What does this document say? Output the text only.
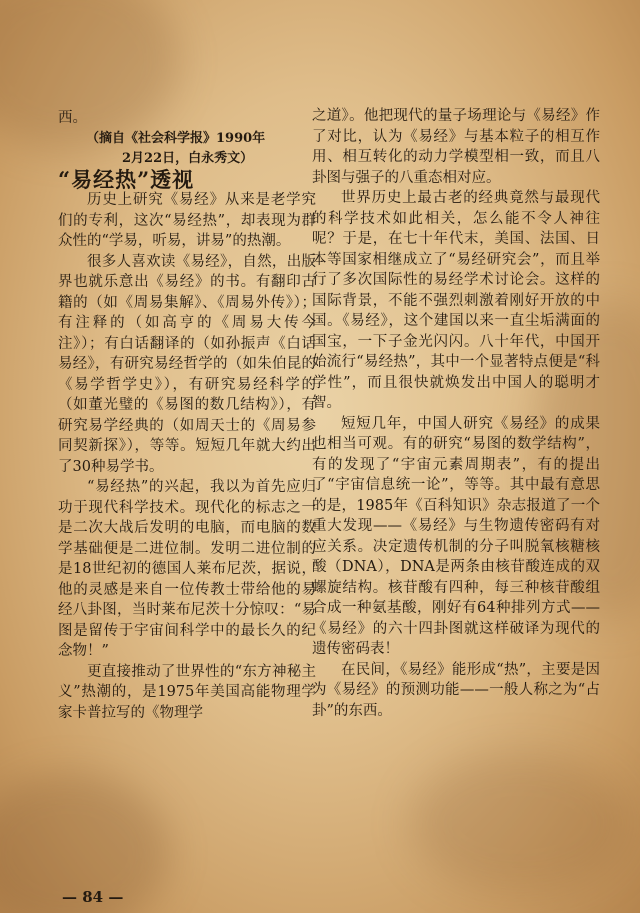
西。

（摘自《社会科学报》1990年

2月22日，白永秀文）

“易经热”透视

历史上研究《易经》从来是老学究们的专利，这次“易经热”，却表现为群众性的“学易，听易，讲易”的热潮。

很多人喜欢读《易经》，自然，出版界也就乐意出《易经》的书。有翻印古籍的（如《周易集解》、《周易外传》）；有注释的（如高亨的《周易大传今注》）；有白话翻译的（如孙振声《白话易经》，有研究易经哲学的（如朱伯昆的《易学哲学史》），有研究易经科学的（如董光璧的《易图的数几结构》），有研究易学经典的（如周天士的《周易参同契新探》），等等。短短几年就大约出了30种易学书。

“易经热”的兴起，我以为首先应归功于现代科学技术。现代化的标志之一是二次大战后发明的电脑，而电脑的数学基础便是二进位制。发明二进位制的是18世纪初的德国人莱布尼茨，据说，他的灵感是来自一位传教士带给他的易经八卦图，当时莱布尼茨十分惊叹：“易图是留传于宇宙间科学中的最长久的纪念物！”

更直接推动了世界性的“东方神秘主义”热潮的，是1975年美国高能物理学家卡普拉写的《物理学

之道》。他把现代的量子场理论与《易经》作了对比，认为《易经》与基本粒子的相互作用、相互转化的动力学模型相一致，而且八卦图与强子的八重态相对应。

世界历史上最古老的经典竟然与最现代的科学技术如此相关，怎么能不令人神往呢？于是，在七十年代末，美国、法国、日本等国家相继成立了“易经研究会”，而且举行了多次国际性的易经学术讨论会。这样的国际背景，不能不强烈刺激着刚好开放的中国。《易经》，这个建国以来一直尘垢满面的国宝，一下子金光闪闪。八十年代，中国开始流行“易经热”，其中一个显著特点便是“科学性”，而且很快就焕发出中国人的聪明才智。

短短几年，中国人研究《易经》的成果也相当可观。有的研究“易图的数学结构”，有的发现了“宇宙元素周期表”，有的提出了“宇宙信息统一论”，等等。其中最有意思的是，1985年《百科知识》杂志报道了一个重大发现——《易经》与生物遗传密码有对应关系。决定遗传机制的分子叫脱氧核糖核酸（DNA），DNA是两条由核苷酸连成的双螺旋结构。核苷酸有四种，每三种核苷酸组合成一种氨基酸，刚好有64种排列方式——《易经》的六十四卦图就这样破译为现代的遗传密码表！

在民间，《易经》能形成“热”，主要是因为《易经》的预测功能——一般人称之为“占卦”的东西。

— 84 —
